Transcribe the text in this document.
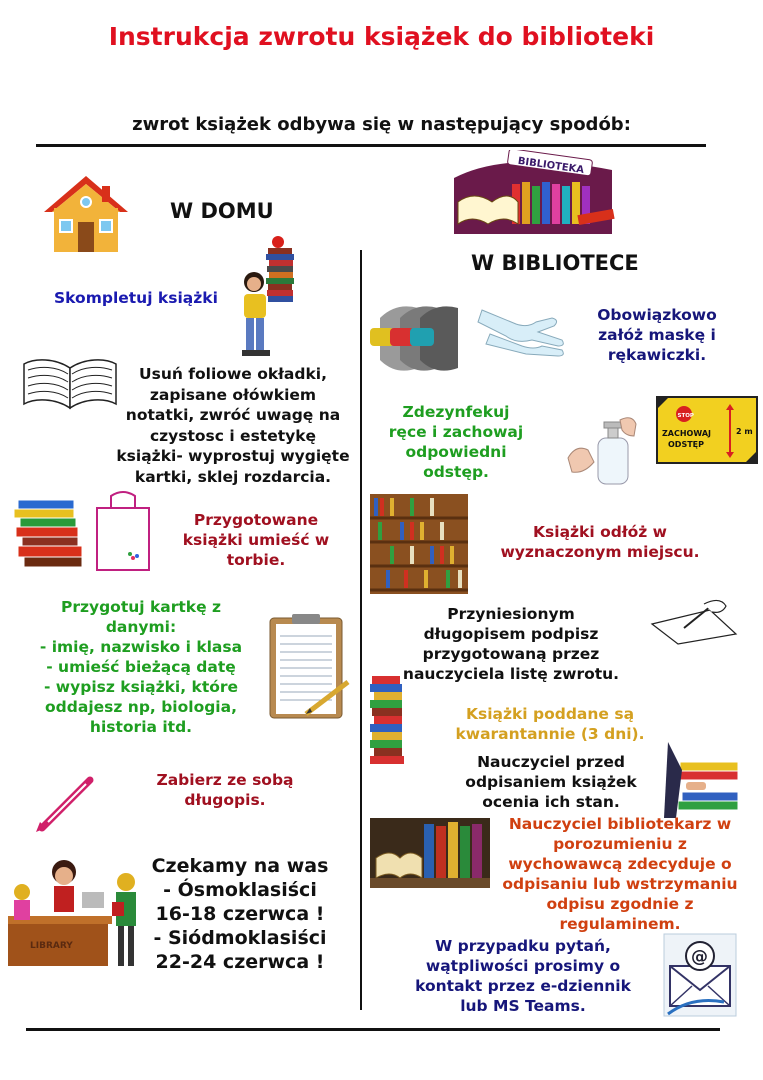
Instrukcja zwrotu książek do biblioteki
zwrot książek odbywa się w następujący spodób:
W DOMU
Skompletuj książki
Usuń foliowe okładki,
zapisane ołówkiem
notatki, zwróć uwagę na
czystosc i estetykę
książki- wyprostuj wygięte
kartki, sklej rozdarcia.
Przygotowane
książki umieść w
torbie.
Przygotuj kartkę z
danymi:
- imię, nazwisko i klasa
- umieść bieżącą datę
- wypisz książki, które
oddajesz np, biologia,
historia itd.
Zabierz ze sobą
długopis.
LIBRARY
Czekamy na was
- Ósmoklasiści
16-18 czerwca !
- Siódmoklasiści
22-24 czerwca !
BIBLIOTEKA
W BIBLIOTECE
Obowiązkowo
załóż maskę i
rękawiczki.
Zdezynfekuj
ręce i zachowaj
odpowiedni
odstęp.
STOP
ZACHOWAJ
ODSTĘP
2 m
Książki odłóż w
wyznaczonym miejscu.
Przyniesionym
długopisem podpisz
przygotowaną przez
nauczyciela listę zwrotu.
Książki poddane są
kwarantannie (3 dni).
Nauczyciel przed
odpisaniem książek
ocenia ich stan.
Nauczyciel bibliotekarz w
porozumieniu z
wychowawcą zdecyduje o
odpisaniu lub wstrzymaniu
odpisu zgodnie z
regulaminem.
W przypadku pytań,
wątpliwości prosimy o
kontakt przez e-dziennik
lub MS Teams.
@
